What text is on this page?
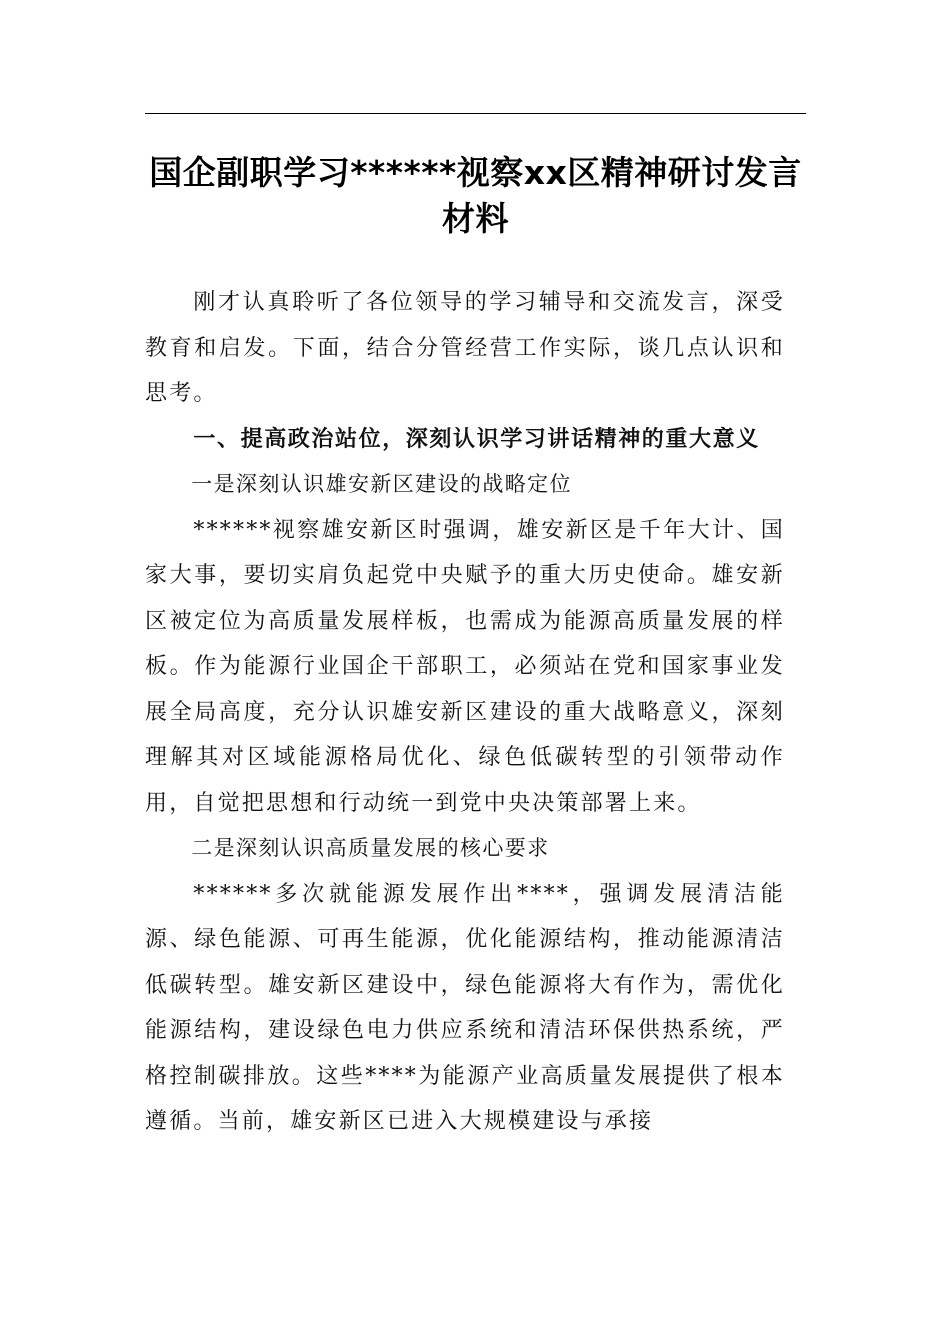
国企副职学习******视察xx区精神研讨发言材料

刚才认真聆听了各位领导的学习辅导和交流发言，深受教育和启发。下面，结合分管经营工作实际，谈几点认识和思考。

一、提高政治站位，深刻认识学习讲话精神的重大意义

一是深刻认识雄安新区建设的战略定位

******视察雄安新区时强调，雄安新区是千年大计、国家大事，要切实肩负起党中央赋予的重大历史使命。雄安新区被定位为高质量发展样板，也需成为能源高质量发展的样板。作为能源行业国企干部职工，必须站在党和国家事业发展全局高度，充分认识雄安新区建设的重大战略意义，深刻理解其对区域能源格局优化、绿色低碳转型的引领带动作用，自觉把思想和行动统一到党中央决策部署上来。

二是深刻认识高质量发展的核心要求

******多次就能源发展作出****，强调发展清洁能源、绿色能源、可再生能源，优化能源结构，推动能源清洁低碳转型。雄安新区建设中，绿色能源将大有作为，需优化能源结构，建设绿色电力供应系统和清洁环保供热系统，严格控制碳排放。这些****为能源产业高质量发展提供了根本遵循。当前，雄安新区已进入大规模建设与承接
